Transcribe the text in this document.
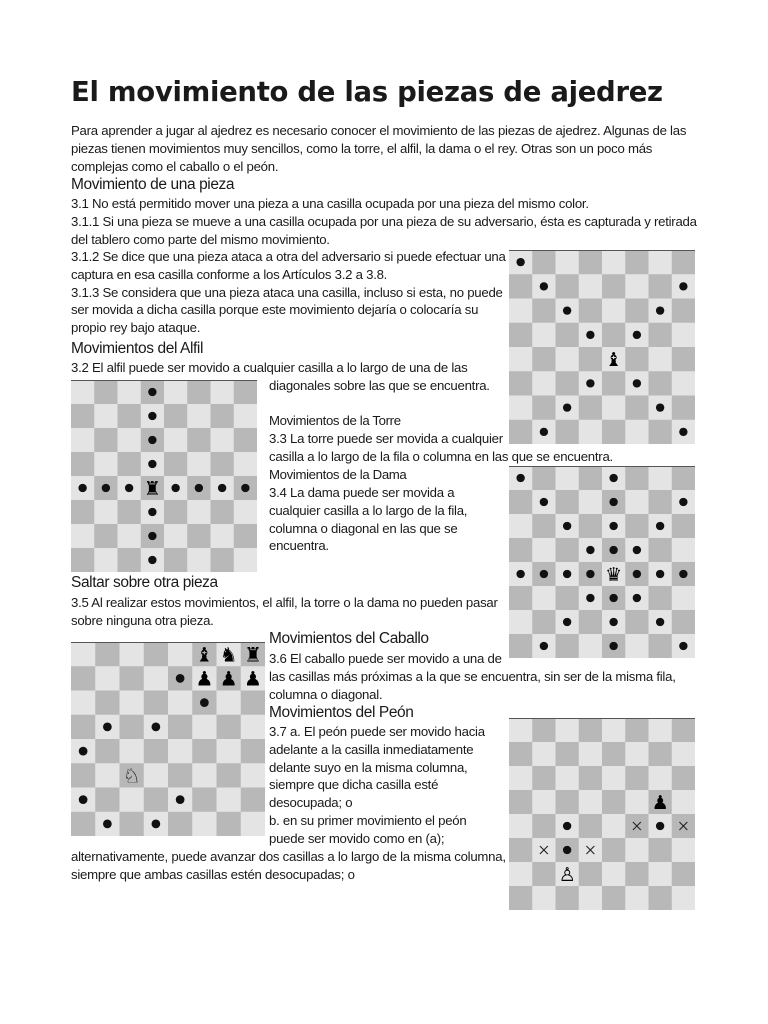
El movimiento de las piezas de ajedrez
Para aprender a jugar al ajedrez es necesario conocer el movimiento de las piezas de ajedrez. Algunas de las
piezas tienen movimientos muy sencillos, como la torre, el alfil, la dama o el rey. Otras son un poco más
complejas como el caballo o el peón.
Movimiento de una pieza
3.1 No está permitido mover una pieza a una casilla ocupada por una pieza del mismo color.
3.1.1 Si una pieza se mueve a una casilla ocupada por una pieza de su adversario, ésta es capturada y retirada
del tablero como parte del mismo movimiento.
3.1.2 Se dice que una pieza ataca a otra del adversario si puede efectuar una
captura en esa casilla conforme a los Artículos 3.2 a 3.8.
3.1.3 Se considera que una pieza ataca una casilla, incluso si esta, no puede
ser movida a dicha casilla porque este movimiento dejaría o colocaría su
propio rey bajo ataque.
Movimientos del Alfil

3.2 El alfil puede ser movido a cualquier casilla a lo largo de una de las

diagonales sobre las que se encuentra.

Movimientos de la Torre
3.3 La torre puede ser movida a cualquier
casilla a lo largo de la fila o columna en las que se encuentra.
Movimientos de la Dama
3.4 La dama puede ser movida a
cualquier casilla a lo largo de la fila,
columna o diagonal en las que se
encuentra.
Saltar sobre otra pieza
3.5 Al realizar estos movimientos, el alfil, la torre o la dama no pueden pasar
sobre ninguna otra pieza.
Movimientos del Caballo
3.6 El caballo puede ser movido a una de
las casillas más próximas a la que se encuentra, sin ser de la misma fila,
columna o diagonal.
Movimientos del Peón
3.7 a. El peón puede ser movido hacia
adelante a la casilla inmediatamente
delante suyo en la misma columna,
siempre que dicha casilla esté
desocupada; o
b. en su primer movimiento el peón
puede ser movido como en (a);
alternativamente, puede avanzar dos casillas a lo largo de la misma columna,
siempre que ambas casillas estén desocupadas; o
♝
♜
♛
♝ ♞ ♜
♟ ♟ ♟
♘
♙
♟
